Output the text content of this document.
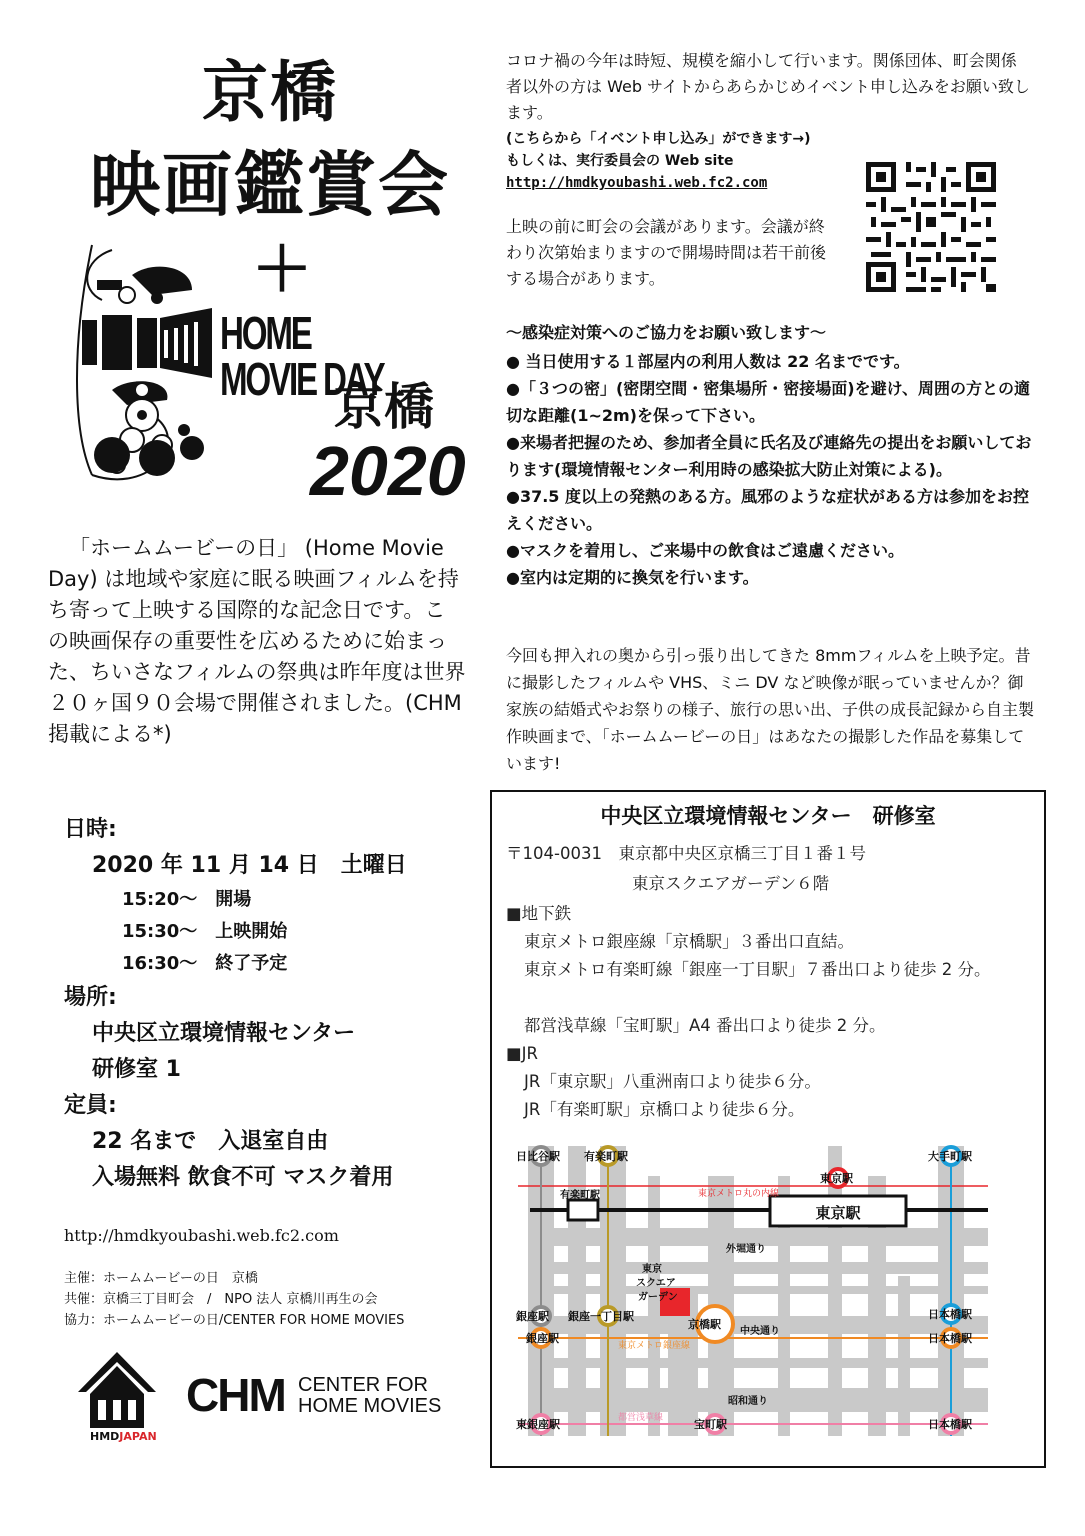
京橋
映画鑑賞会
＋
HOME MOVIE DAY
京橋
2020
「ホームムービーの日」 (Home Movie Day) は地域や家庭に眠る映画フィルムを持ち寄って上映する国際的な記念日です。この映画保存の重要性を広めるために始まった、ちいさなフィルムの祭典は昨年度は世界２０ヶ国９０会場で開催されました。(CHM 掲載による*)
コロナ禍の今年は時短、規模を縮小して行います。関係団体、町会関係者以外の方は Web サイトからあらかじめイベント申し込みをお願い致します。
(こちらから「イベント申し込み」ができます→)
もしくは、実行委員会の Web site
http://hmdkyoubashi.web.fc2.com
上映の前に町会の会議があります。会議が終わり次第始まりますので開場時間は若干前後する場合があります。
～感染症対策へのご協力をお願い致します～
● 当日使用する１部屋内の利用人数は 22 名までです。
●「３つの密」(密閉空間・密集場所・密接場面)を避け、周囲の方との適切な距離(1~2m)を保って下さい。
●来場者把握のため、参加者全員に氏名及び連絡先の提出をお願いしております(環境情報センター利用時の感染拡大防止対策による)。
●37.5 度以上の発熱のある方。風邪のような症状がある方は参加をお控えください。
●マスクを着用し、ご来場中の飲食はご遠慮ください。
●室内は定期的に換気を行います。
今回も押入れの奥から引っ張り出してきた 8mmフィルムを上映予定。昔に撮影したフィルムや VHS、ミニ DV など映像が眠っていませんか？御家族の結婚式やお祭りの様子、旅行の思い出、子供の成長記録から自主製作映画まで、「ホームムービーの日」はあなたの撮影した作品を募集しています!
日時:
2020 年 11 月 14 日　土曜日
15:20～　開場
15:30～　上映開始
16:30～　終了予定
場所:
中央区立環境情報センター
研修室 1
定員:
22 名まで　入退室自由
入場無料 飲食不可 マスク着用
http://hmdkyoubashi.web.fc2.com
主催：ホームムービーの日　京橋
共催：京橋三丁目町会　/　NPO 法人 京橋川再生の会
協力：ホームムービーの日/CENTER FOR HOME MOVIES
HMDJAPAN
CHM CENTER FOR
HOME MOVIES
中央区立環境情報センター　研修室
〒104-0031　東京都中央区京橋三丁目１番１号
東京スクエアガーデン６階
■地下鉄
東京メトロ銀座線「京橋駅」３番出口直結。
東京メトロ有楽町線「銀座一丁目駅」７番出口より徒歩 2 分。
都営浅草線「宝町駅」A4 番出口より徒歩 2 分。
■JR
JR「東京駅」八重洲南口より徒歩６分。
JR「有楽町駅」京橋口より徒歩６分。
東京駅
日比谷駅 有楽町駅
東京駅
大手町駅
有楽町駅
銀座一丁目駅
京橋駅
日本橋駅
日本橋駅
銀座駅
銀座駅
東銀座駅	宝町駅	日本橋駅
東京メトロ丸の内線
東京メトロ銀座線
都営浅草線
外堀通り
中央通り
昭和通り
東京
スクエア
ガーデン
